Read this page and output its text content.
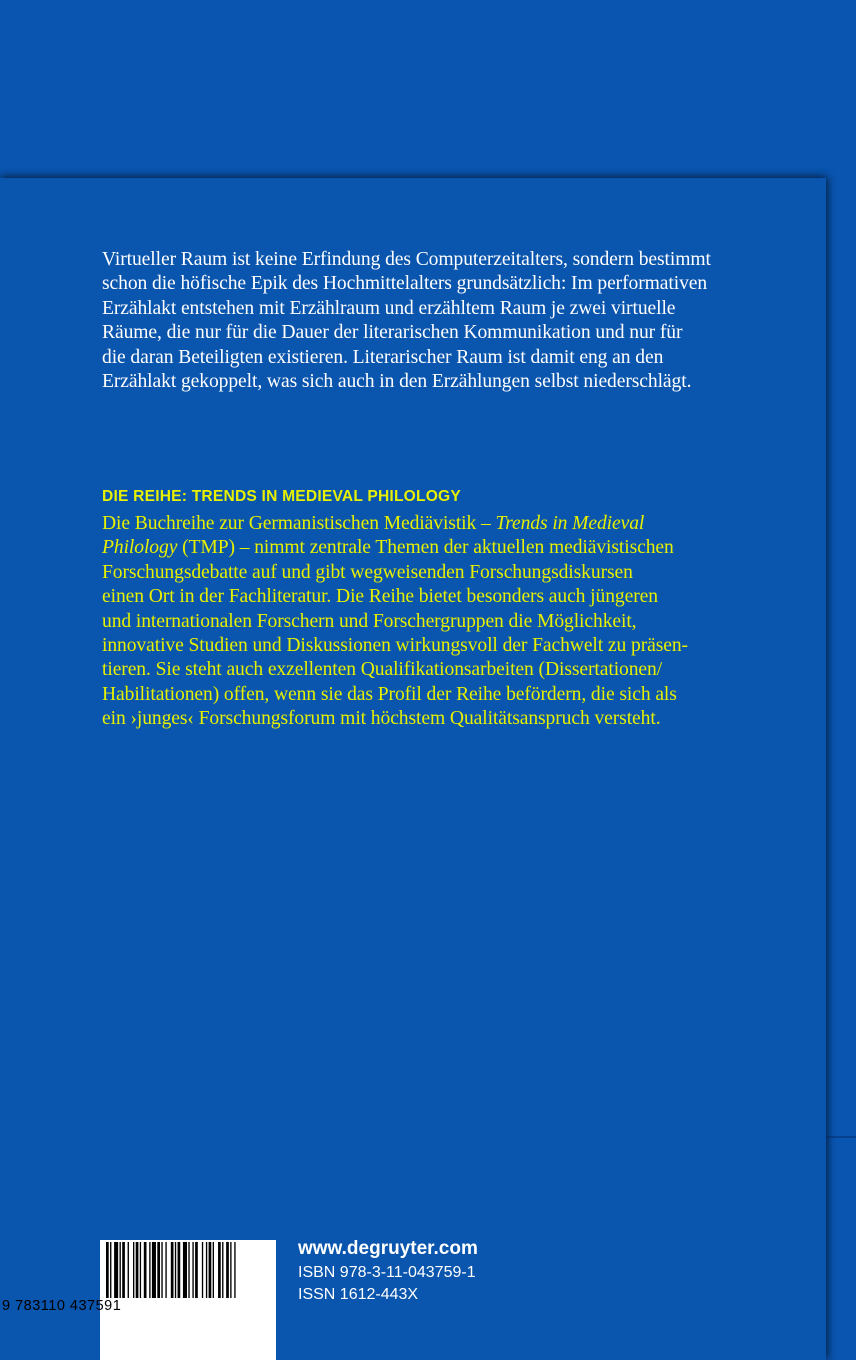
Virtueller Raum ist keine Erfindung des Computerzeitalters, sondern bestimmt
schon die höfische Epik des Hochmittelalters grundsätzlich: Im performativen
Erzählakt entstehen mit Erzählraum und erzähltem Raum je zwei virtuelle
Räume, die nur für die Dauer der literarischen Kommunikation und nur für
die daran Beteiligten existieren. Literarischer Raum ist damit eng an den
Erzählakt gekoppelt, was sich auch in den Erzählungen selbst niederschlägt.

DIE REIHE: TRENDS IN MEDIEVAL PHILOLOGY

Die Buchreihe zur Germanistischen Mediävistik – Trends in Medieval
Philology (TMP) – nimmt zentrale Themen der aktuellen mediävistischen
Forschungsdebatte auf und gibt wegweisenden Forschungsdiskursen
einen Ort in der Fachliteratur. Die Reihe bietet besonders auch jüngeren
und internationalen Forschern und Forschergruppen die Möglichkeit,
innovative Studien und Diskussionen wirkungsvoll der Fachwelt zu präsen-
tieren. Sie steht auch exzellenten Qualifikationsarbeiten (Dissertationen/
Habilitationen) offen, wenn sie das Profil der Reihe befördern, die sich als
ein ›junges‹ Forschungsforum mit höchstem Qualitätsanspruch versteht.

9 783110 437591
www.degruyter.com
ISBN 978-3-11-043759-1
ISSN 1612-443X
